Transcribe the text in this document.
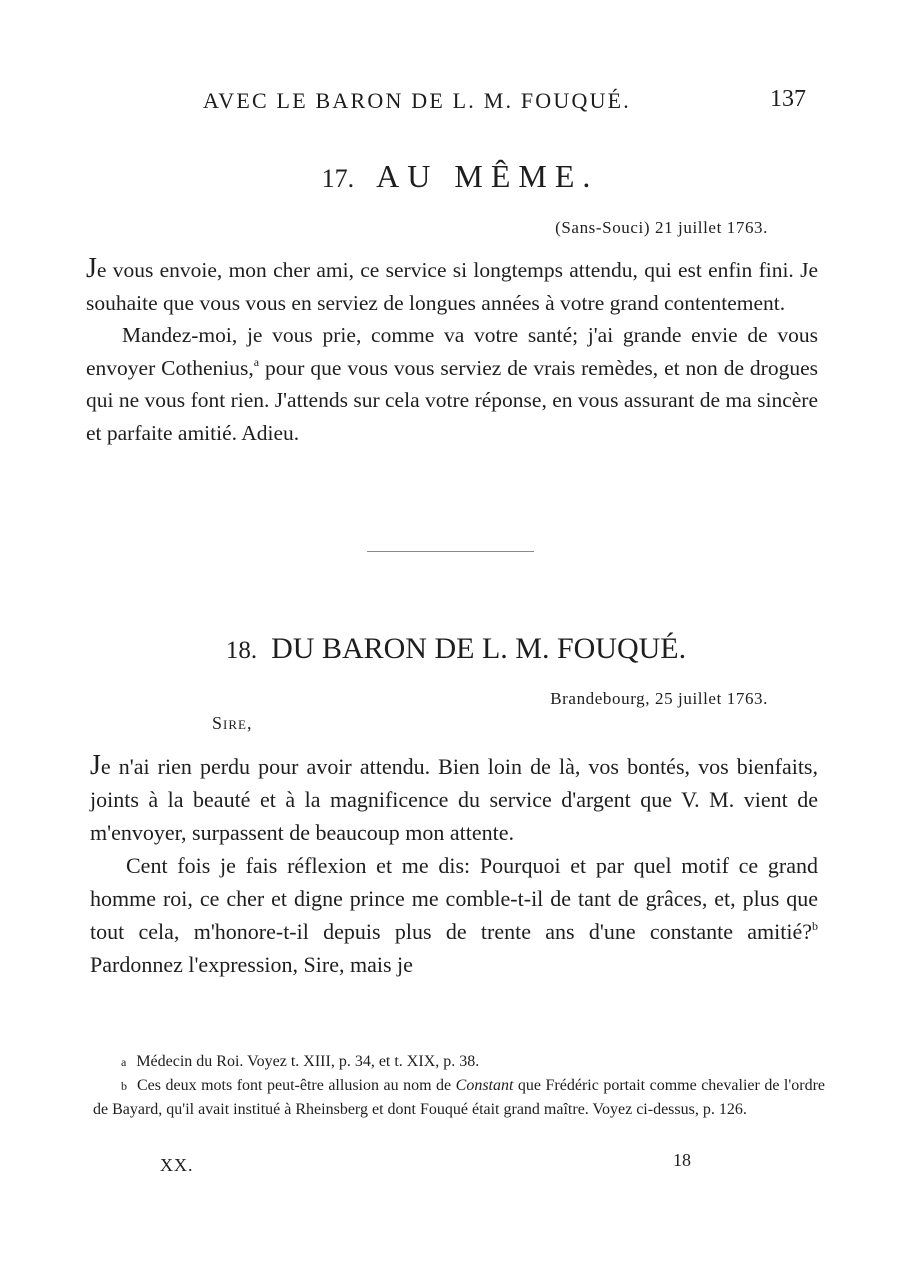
AVEC LE BARON DE L. M. FOUQUÉ.	137
17. AU MÊME.
(Sans-Souci) 21 juillet 1763.

Je vous envoie, mon cher ami, ce service si longtemps attendu, qui est enfin fini. Je souhaite que vous vous en serviez de longues années à votre grand contentement.

Mandez-moi, je vous prie, comme va votre santé; j'ai grande envie de vous envoyer Cothenius,$^a$ pour que vous vous serviez de vrais remèdes, et non de drogues qui ne vous font rien. J'attends sur cela votre réponse, en vous assurant de ma sincère et parfaite amitié. Adieu.

18. DU BARON DE L. M. FOUQUÉ.
Brandebourg, 25 juillet 1763.
Sire,

Je n'ai rien perdu pour avoir attendu. Bien loin de là, vos bontés, vos bienfaits, joints à la beauté et à la magnificence du service d'argent que V. M. vient de m'envoyer, surpassent de beaucoup mon attente.

Cent fois je fais réflexion et me dis: Pourquoi et par quel motif ce grand homme roi, ce cher et digne prince me comble-t-il de tant de grâces, et, plus que tout cela, m'honore-t-il depuis plus de trente ans d'une constante amitié?$^b$ Pardonnez l'expression, Sire, mais je

a Médecin du Roi. Voyez t. XIII, p. 34, et t. XIX, p. 38.

b Ces deux mots font peut-être allusion au nom de Constant que Frédéric portait comme chevalier de l'ordre de Bayard, qu'il avait institué à Rheinsberg et dont Fouqué était grand maître. Voyez ci-dessus, p. 126.

XX.	18
